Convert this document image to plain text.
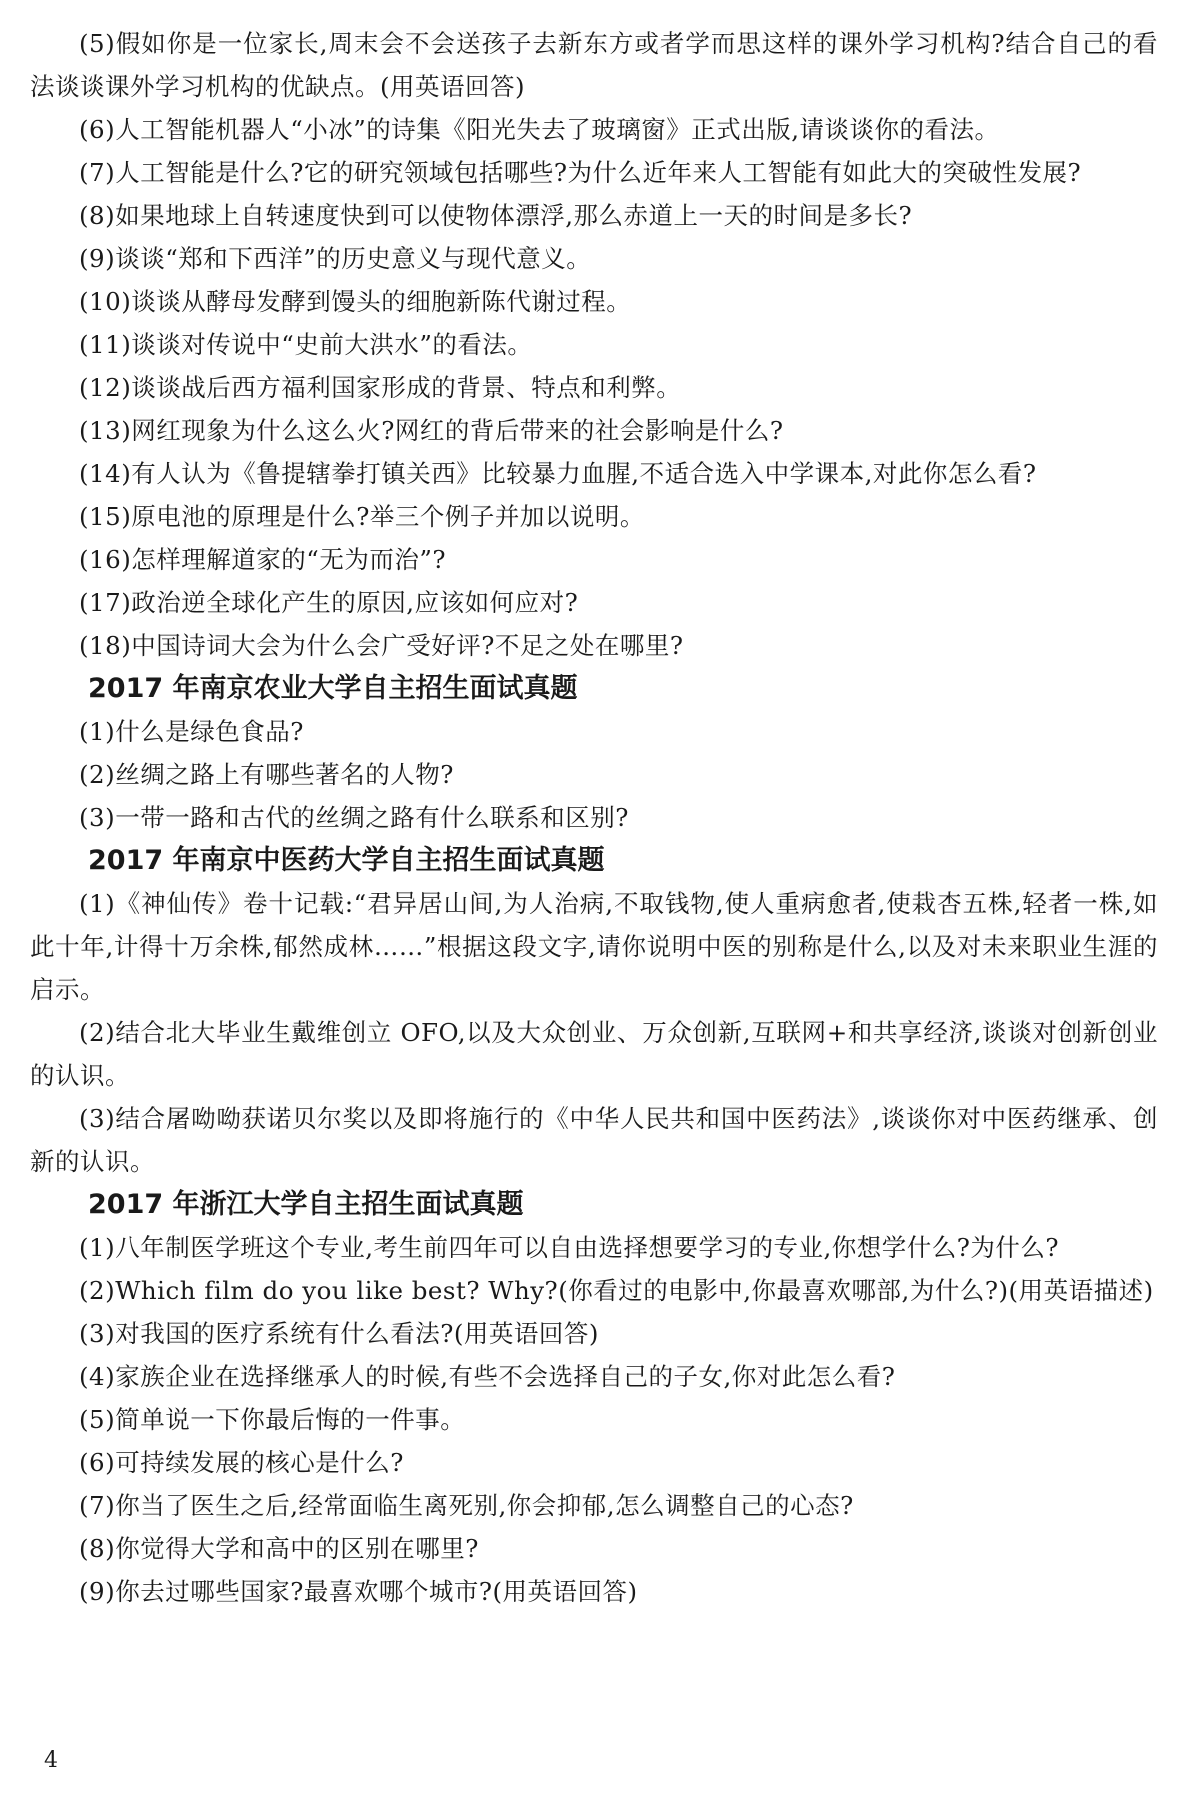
(5)假如你是一位家长,周末会不会送孩子去新东方或者学而思这样的课外学习机构?结合自己的看法谈谈课外学习机构的优缺点。(用英语回答)

(6)人工智能机器人“小冰”的诗集《阳光失去了玻璃窗》正式出版,请谈谈你的看法。

(7)人工智能是什么?它的研究领域包括哪些?为什么近年来人工智能有如此大的突破性发展?

(8)如果地球上自转速度快到可以使物体漂浮,那么赤道上一天的时间是多长?

(9)谈谈“郑和下西洋”的历史意义与现代意义。

(10)谈谈从酵母发酵到馒头的细胞新陈代谢过程。

(11)谈谈对传说中“史前大洪水”的看法。

(12)谈谈战后西方福利国家形成的背景、特点和利弊。

(13)网红现象为什么这么火?网红的背后带来的社会影响是什么?

(14)有人认为《鲁提辖拳打镇关西》比较暴力血腥,不适合选入中学课本,对此你怎么看?

(15)原电池的原理是什么?举三个例子并加以说明。

(16)怎样理解道家的“无为而治”?

(17)政治逆全球化产生的原因,应该如何应对?

(18)中国诗词大会为什么会广受好评?不足之处在哪里?

2017 年南京农业大学自主招生面试真题

(1)什么是绿色食品?

(2)丝绸之路上有哪些著名的人物?

(3)一带一路和古代的丝绸之路有什么联系和区别?

2017 年南京中医药大学自主招生面试真题

(1)《神仙传》卷十记载:“君异居山间,为人治病,不取钱物,使人重病愈者,使栽杏五株,轻者一株,如此十年,计得十万余株,郁然成林……”根据这段文字,请你说明中医的别称是什么,以及对未来职业生涯的启示。

(2)结合北大毕业生戴维创立 OFO,以及大众创业、万众创新,互联网+和共享经济,谈谈对创新创业的认识。

(3)结合屠呦呦获诺贝尔奖以及即将施行的《中华人民共和国中医药法》,谈谈你对中医药继承、创新的认识。

2017 年浙江大学自主招生面试真题

(1)八年制医学班这个专业,考生前四年可以自由选择想要学习的专业,你想学什么?为什么?

(2)Which film do you like best? Why?(你看过的电影中,你最喜欢哪部,为什么?)(用英语描述)

(3)对我国的医疗系统有什么看法?(用英语回答)

(4)家族企业在选择继承人的时候,有些不会选择自己的子女,你对此怎么看?

(5)简单说一下你最后悔的一件事。

(6)可持续发展的核心是什么?

(7)你当了医生之后,经常面临生离死别,你会抑郁,怎么调整自己的心态?

(8)你觉得大学和高中的区别在哪里?

(9)你去过哪些国家?最喜欢哪个城市?(用英语回答)

4
